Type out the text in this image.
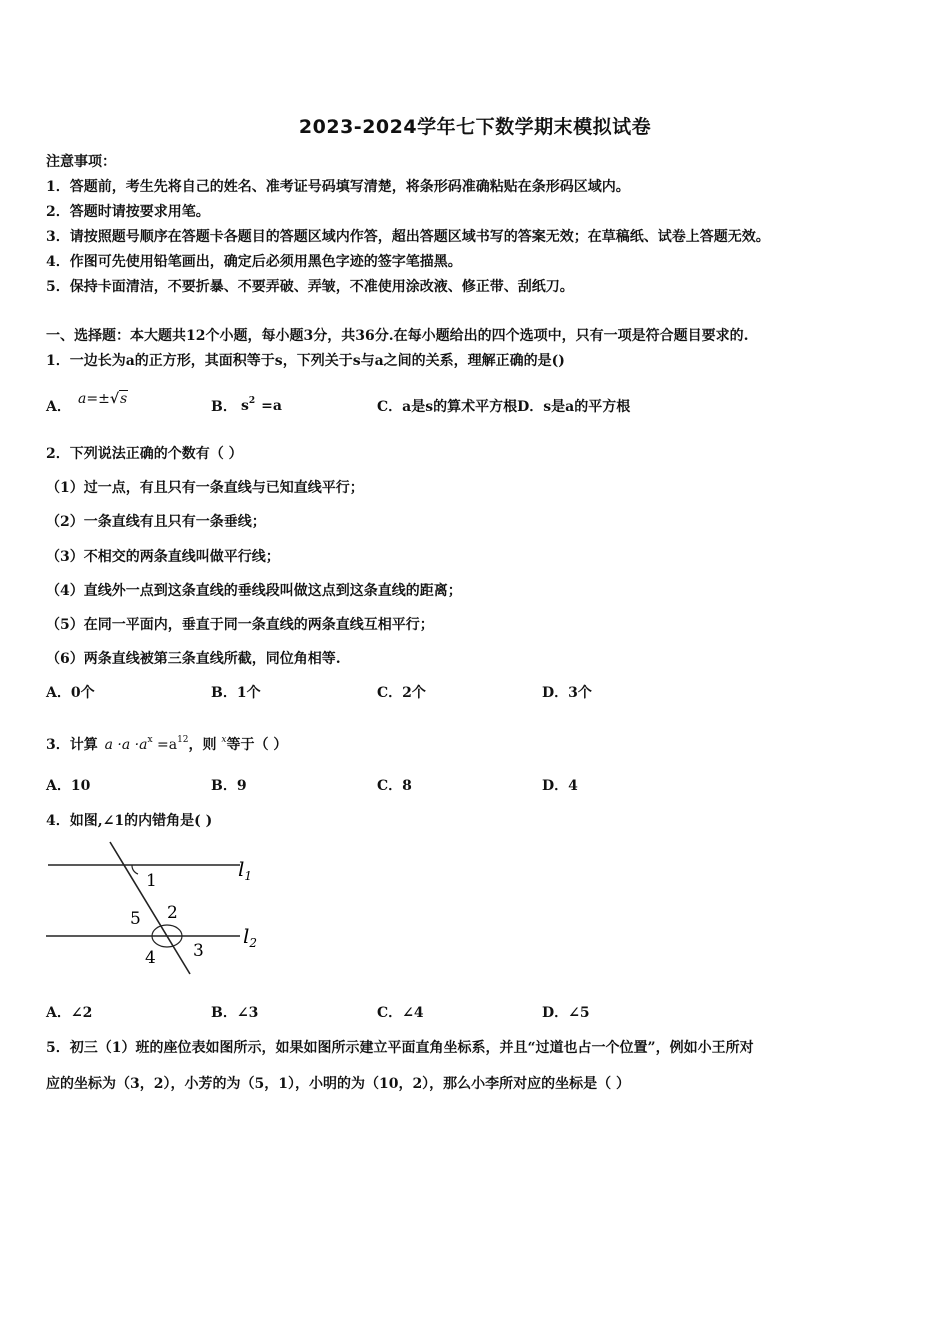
2023-2024学年七下数学期末模拟试卷
注意事项：
1．答题前，考生先将自己的姓名、准考证号码填写清楚，将条形码准确粘贴在条形码区域内。
2．答题时请按要求用笔。
3．请按照题号顺序在答题卡各题目的答题区域内作答，超出答题区域书写的答案无效；在草稿纸、试卷上答题无效。
4．作图可先使用铅笔画出，确定后必须用黑色字迹的签字笔描黑。
5．保持卡面清洁，不要折暴、不要弄破、弄皱，不准使用涂改液、修正带、刮纸刀。
一、选择题：本大题共12个小题，每小题3分，共36分.在每小题给出的四个选项中，只有一项是符合题目要求的.
1．一边长为a的正方形，其面积等于s，下列关于s与a之间的关系，理解正确的是()
A． a=±√s	B． $s^2 =a$	C．a是s的算术平方根D．s是a的平方根
2．下列说法正确的个数有（ ）
（1）过一点，有且只有一条直线与已知直线平行；
（2）一条直线有且只有一条垂线；
（3）不相交的两条直线叫做平行线；
（4）直线外一点到这条直线的垂线段叫做这点到这条直线的距离；
（5）在同一平面内，垂直于同一条直线的两条直线互相平行；
（6）两条直线被第三条直线所截，同位角相等.
A．0个	B．1个	C．2个	D．3个
3．计算 $a \cdot a \cdot a^x =a^{12}$，则 $^x$等于（ ）
A．10	B．9	C．8	D．4
4．如图,∠1的内错角是( )
1
2
3
4
5
$l_1$
$l_2$
A．∠2	B．∠3	C．∠4	D．∠5
5．初三（1）班的座位表如图所示，如果如图所示建立平面直角坐标系，并且“过道也占一个位置”，例如小王所对
应的坐标为（3，2），小芳的为（5，1），小明的为（10，2），那么小李所对应的坐标是（ ）
